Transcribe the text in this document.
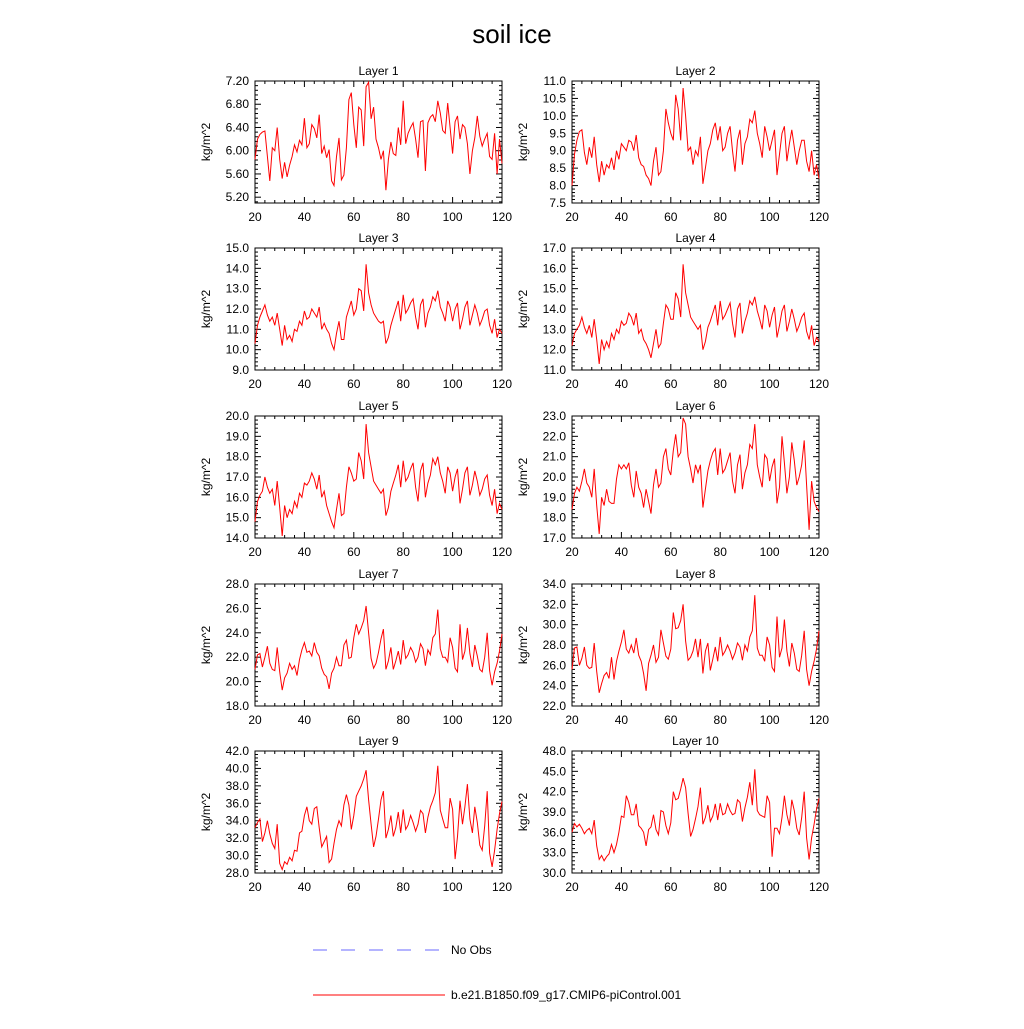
soil ice
Layer 1
kg/m^2
20	40	60	80	100 120
5.20
5.60
6.00
6.40
6.80
7.20
Layer 2
kg/m^2
20	40	60	80	100 120
7.5
8.0
8.5
9.0
9.5
10.0
10.5
11.0
Layer 3
kg/m^2
20	40	60	80	100 120
9.0
10.0
11.0
12.0
13.0
14.0
15.0
Layer 4
kg/m^2
20	40	60	80	100 120
11.0
12.0
13.0
14.0
15.0
16.0
17.0
Layer 5
kg/m^2
20	40	60	80	100 120
14.0
15.0
16.0
17.0
18.0
19.0
20.0
Layer 6
kg/m^2
20	40	60	80	100 120
17.0
18.0
19.0
20.0
21.0
22.0
23.0
Layer 7
kg/m^2
20	40	60	80	100 120
18.0
20.0
22.0
24.0
26.0
28.0
Layer 8
kg/m^2
20	40	60	80	100 120
22.0
24.0
26.0
28.0
30.0
32.0
34.0
Layer 9
kg/m^2
20	40	60	80	100 120
28.0
30.0
32.0
34.0
36.0
38.0
40.0
42.0
Layer 10
kg/m^2
20	40	60	80	100 120
30.0
33.0
36.0
39.0
42.0
45.0
48.0
No Obs
b.e21.B1850.f09_g17.CMIP6-piControl.001
